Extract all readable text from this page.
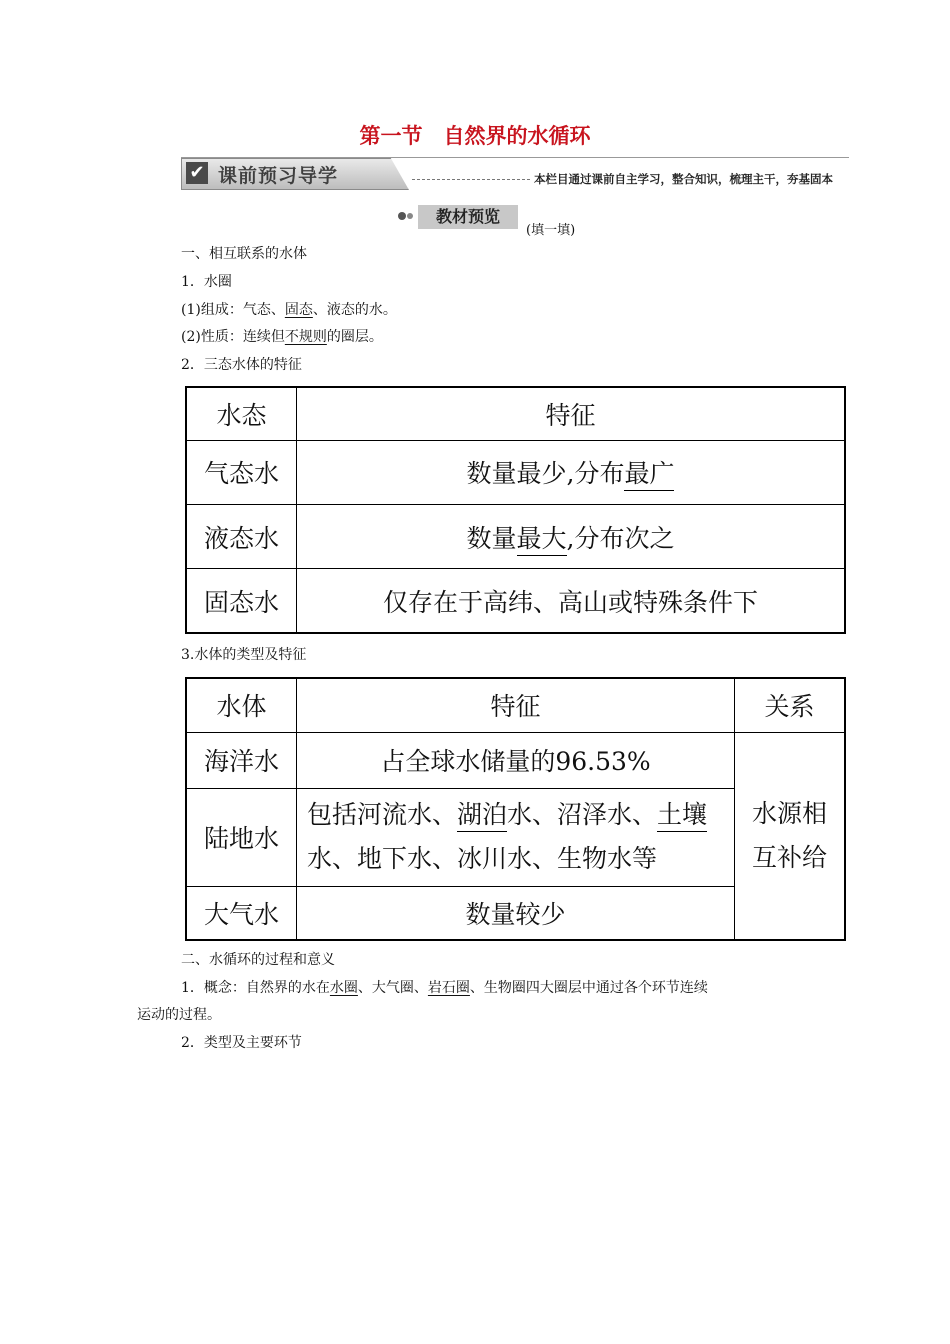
第一节　自然界的水循环
✔ 课前预习导学	本栏目通过课前自主学习，整合知识，梳理主干，夯基固本
教材预览
(填一填)
一、相互联系的水体
1．水圈
(1)组成：气态、固态、液态的水。
(2)性质：连续但不规则的圈层。
2．三态水体的特征
水态	特征
气态水	数量最少,分布最广
液态水	数量最大,分布次之
固态水	仅存在于高纬、高山或特殊条件下
3.水体的类型及特征
水体	特征	关系
海洋水	占全球水储量的96.53%	水源相
互补给

陆地水	包括河流水、湖泊水、沼泽水、土壤
水、地下水、冰川水、生物水等	

大气水	数量较少	
二、水循环的过程和意义
1．概念：自然界的水在水圈、大气圈、岩石圈、生物圈四大圈层中通过各个环节连续
运动的过程。
2．类型及主要环节
